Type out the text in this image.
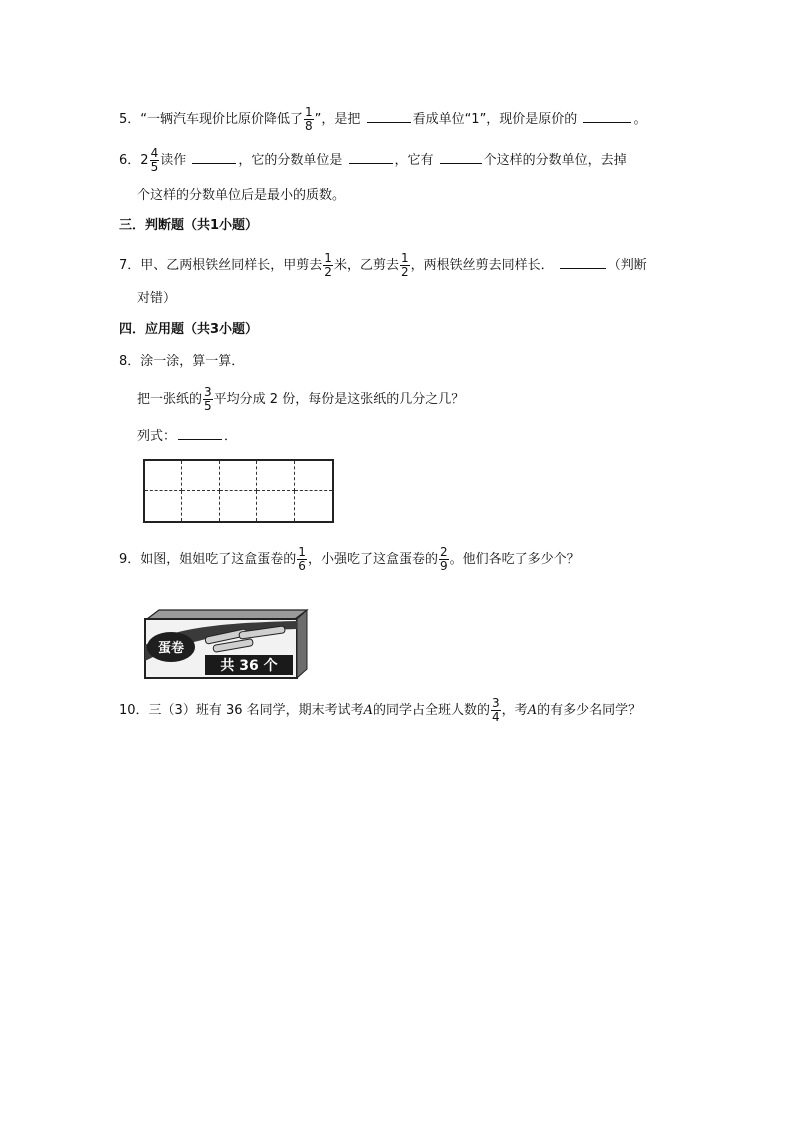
5．“一辆汽车现价比原价降低了 $\frac{1}{8}$ ”，是把	看成单位“1”，现价是原价的	。
6．$2 \frac{4}{5}$ 读作	，它的分数单位是	，它有	个这样的分数单位，去掉
个这样的分数单位后是最小的质数。
三．判断题（共1小题）
7．甲、乙两根铁丝同样长，甲剪去 $\frac{1}{2}$ 米，乙剪去 $\frac{1}{2}$ ，两根铁丝剪去同样长．	（判断
对错）
四．应用题（共3小题）
8．涂一涂，算一算．
把一张纸的 $\frac{3}{5}$ 平均分成 2 份，每份是这张纸的几分之几？
列式：	．
9．如图，姐姐吃了这盒蛋卷的 $\frac{1}{6}$ ，小强吃了这盒蛋卷的 $\frac{2}{9}$ 。他们各吃了多少个？
蛋卷
共 36 个
10．三（3）班有 36 名同学，期末考试考A的同学占全班人数的 $\frac{3}{4}$ ，考A的有多少名同学？
